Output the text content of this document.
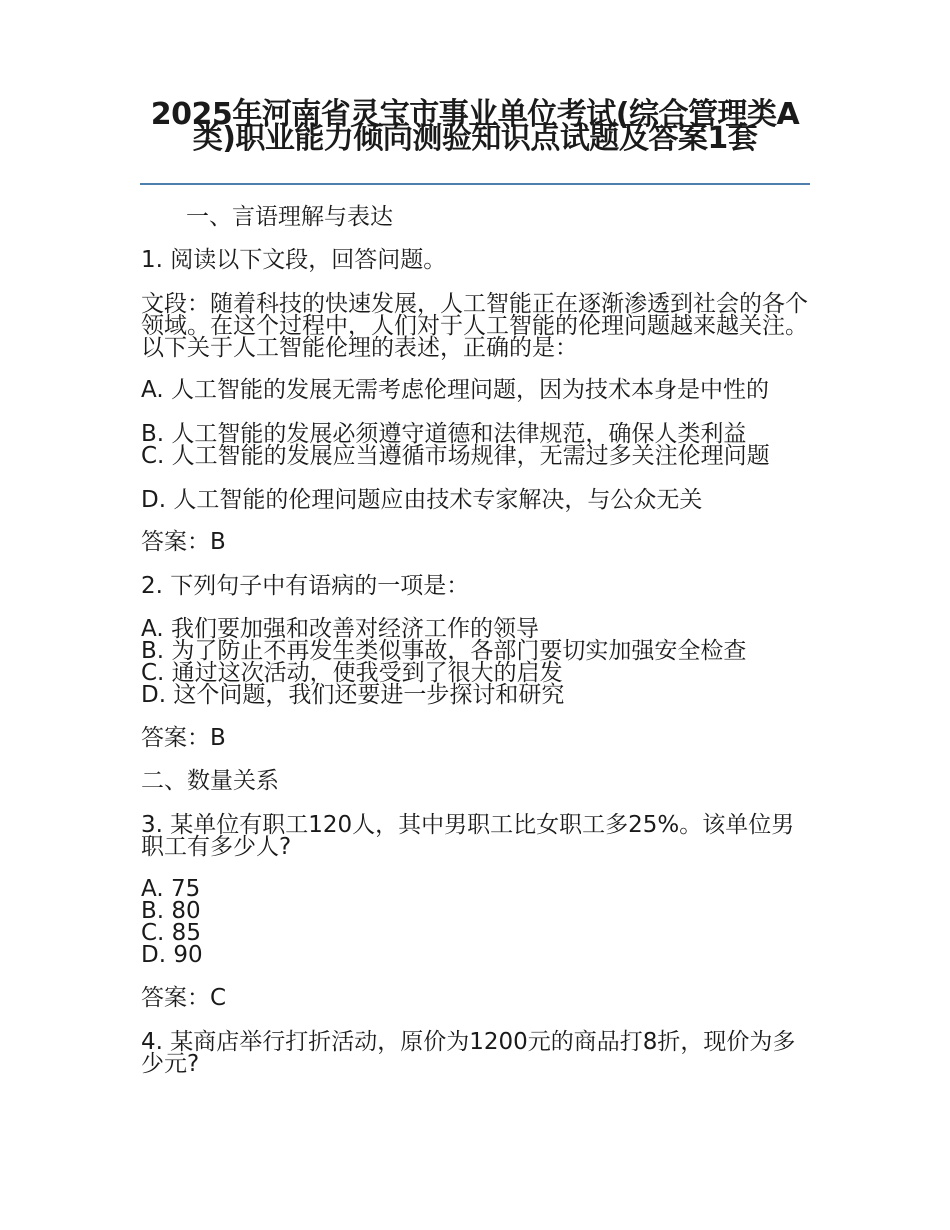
2025年河南省灵宝市事业单位考试(综合管理类A类)职业能力倾向测验知识点试题及答案1套
一、言语理解与表达
1. 阅读以下文段，回答问题。
文段：随着科技的快速发展，人工智能正在逐渐渗透到社会的各个领域。在这个过程中，人们对于人工智能的伦理问题越来越关注。以下关于人工智能伦理的表述，正确的是：
A. 人工智能的发展无需考虑伦理问题，因为技术本身是中性的
B. 人工智能的发展必须遵守道德和法律规范，确保人类利益
C. 人工智能的发展应当遵循市场规律，无需过多关注伦理问题
D. 人工智能的伦理问题应由技术专家解决，与公众无关
答案：B
2. 下列句子中有语病的一项是：
A. 我们要加强和改善对经济工作的领导
B. 为了防止不再发生类似事故，各部门要切实加强安全检查
C. 通过这次活动，使我受到了很大的启发
D. 这个问题，我们还要进一步探讨和研究
答案：B
二、数量关系
3. 某单位有职工120人，其中男职工比女职工多25%。该单位男职工有多少人?
A. 75
B. 80
C. 85
D. 90
答案：C
4. 某商店举行打折活动，原价为1200元的商品打8折，现价为多少元?
